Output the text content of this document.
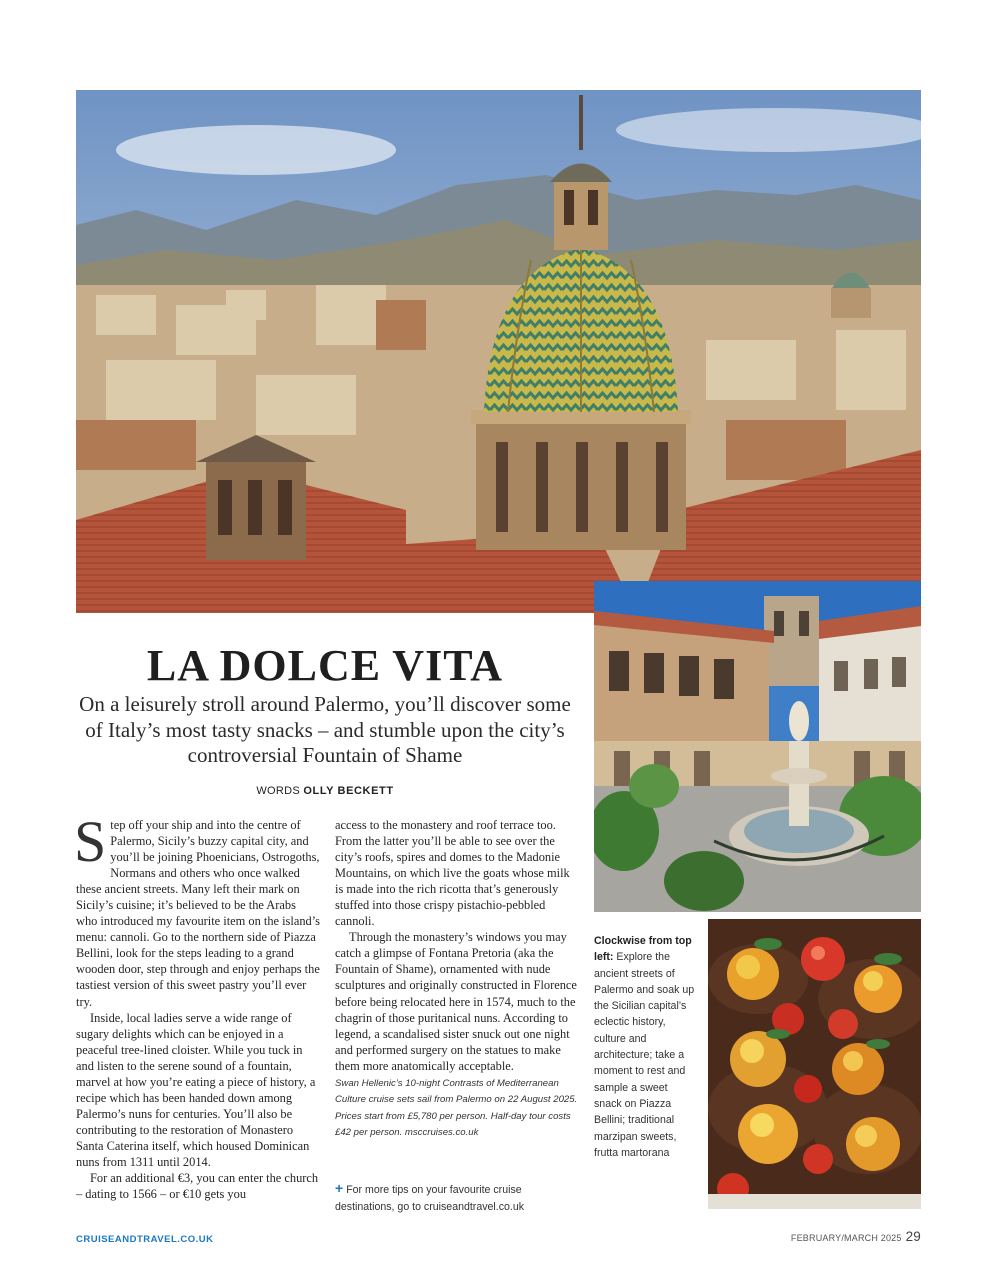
LA DOLCE VITA

On a leisurely stroll around Palermo, you’ll discover some of Italy’s most tasty snacks – and stumble upon the city’s controversial Fountain of Shame

WORDS OLLY BECKETT

Step off your ship and into the centre of Palermo, Sicily’s buzzy capital city, and you’ll be joining Phoenicians, Ostrogoths, Normans and others who once walked these ancient streets. Many left their mark on Sicily’s cuisine; it’s believed to be the Arabs who introduced my favourite item on the island’s menu: cannoli. Go to the northern side of Piazza Bellini, look for the steps leading to a grand wooden door, step through and enjoy perhaps the tastiest version of this sweet pastry you’ll ever try.

Inside, local ladies serve a wide range of sugary delights which can be enjoyed in a peaceful tree-lined cloister. While you tuck in and listen to the serene sound of a fountain, marvel at how you’re eating a piece of history, a recipe which has been handed down among Palermo’s nuns for centuries. You’ll also be contributing to the restoration of Monastero Santa Caterina itself, which housed Dominican nuns from 1311 until 2014.

For an additional €3, you can enter the church – dating to 1566 – or €10 gets you

access to the monastery and roof terrace too. From the latter you’ll be able to see over the city’s roofs, spires and domes to the Madonie Mountains, on which live the goats whose milk is made into the rich ricotta that’s generously stuffed into those crispy pistachio-pebbled cannoli.

Through the monastery’s windows you may catch a glimpse of Fontana Pretoria (aka the Fountain of Shame), ornamented with nude sculptures and originally constructed in Florence before being relocated here in 1574, much to the chagrin of those puritanical nuns. According to legend, a scandalised sister snuck out one night and performed surgery on the statues to make them more anatomically acceptable.

Swan Hellenic’s 10-night Contrasts of Mediterranean Culture cruise sets sail from Palermo on 22 August 2025. Prices start from £5,780 per person. Half-day tour costs £42 per person. msccruises.co.uk

+ For more tips on your favourite cruise destinations, go to cruiseandtravel.co.uk
Clockwise from top left: Explore the ancient streets of Palermo and soak up the Sicilian capital’s eclectic history, culture and architecture; take a moment to rest and sample a sweet snack on Piazza Bellini; traditional marzipan sweets, frutta martorana
CRUISEANDTRAVEL.CO.UK	FEBRUARY/MARCH 2025 29
